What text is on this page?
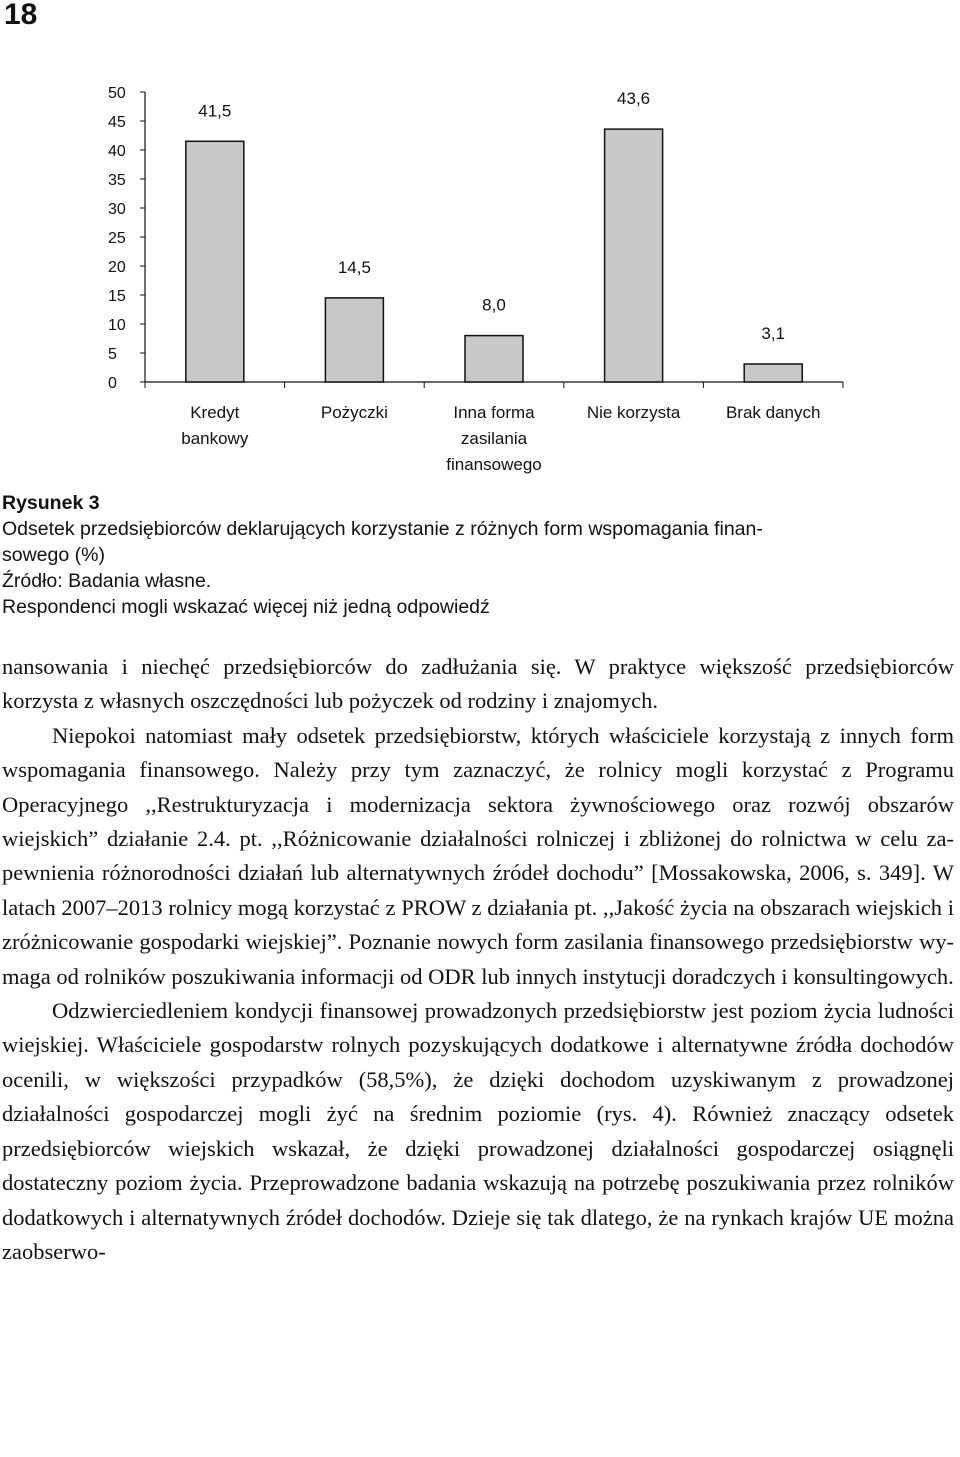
18
50
45
40
35
30
25
20
15
10
5
0
41,5
14,5
8,0
43,6
3,1
Kredyt bankowy
Pożyczki	Inna forma zasilania finansowego
Nie korzysta	Brak danych
Rysunek 3
Odsetek przedsiębiorców deklarujących korzystanie z różnych form wspomagania finan-
sowego (%)
Źródło: Badania własne.
Respondenci mogli wskazać więcej niż jedną odpowiedź

nansowania i niechęć przedsiębiorców do zadłużania się. W praktyce większość przedsiębiorców korzysta z własnych oszczędności lub pożyczek od rodziny i znajomych.

Niepokoi natomiast mały odsetek przedsiębiorstw, których właściciele korzystają z innych form wspomagania finansowego. Należy przy tym zaznaczyć, że rolnicy mogli korzystać z Programu Operacyjnego ,,Restrukturyzacja i modernizacja sektora żywnościowego oraz rozwój obszarów wiejskich” działanie 2.4. pt. ,,Różnicowanie działalności rolniczej i zbliżonej do rolnictwa w celu zapewnienia różnorodności działań lub alternatywnych źródeł dochodu” [Mossakowska, 2006, s. 349]. W latach 2007–2013 rolnicy mogą korzystać z PROW z działania pt. ,,Jakość życia na obszarach wiejskich i zróżnicowanie gospodarki wiejskiej”. Poznanie nowych form zasilania finansowego przedsiębiorstw wymaga od rolników poszukiwania informacji od ODR lub innych instytucji doradczych i konsultingowych.

Odzwierciedleniem kondycji finansowej prowadzonych przedsiębiorstw jest poziom życia ludności wiejskiej. Właściciele gospodarstw rolnych pozyskujących dodatkowe i alternatywne źródła dochodów ocenili, w większości przypadków (58,5%), że dzięki dochodom uzyskiwanym z prowadzonej działalności gospodarczej mogli żyć na średnim poziomie (rys. 4). Również znaczący odsetek przedsiębiorców wiejskich wskazał, że dzięki prowadzonej działalności gospodarczej osiągnęli dostateczny poziom życia. Przeprowadzone badania wskazują na potrzebę poszukiwania przez rolników dodatkowych i alternatywnych źródeł dochodów. Dzieje się tak dlatego, że na rynkach krajów UE można zaobserwo-
